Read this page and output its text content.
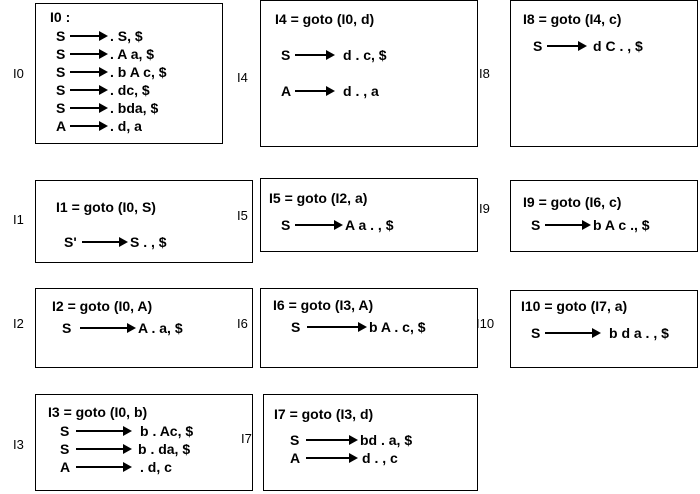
I0
I0 :
S	. S, $
S	. A a, $
S	. b A c, $
S	. dc, $
S	. bda, $
A	. d, a
I1
I1 = goto (I0, S)
S'	S . , $
I2
I2 = goto (I0, A)
S	A . a, $
I3
I3 = goto (I0, b)
S	b . Ac, $
S	b . da, $
A	. d, c
I4
I4 = goto (I0, d)
S	d . c, $
A	d . , a
I5
I5 = goto (I2, a)
S	A a . , $
I6
I6 = goto (I3, A)
S	b A . c, $
I7
I7 = goto (I3, d)
S	bd . a, $
A	d . , c
I8
I8 = goto (I4, c)
S	d C . , $
I9 I9 = goto (I6, c)
S	b A c ., $
I10
I10 = goto (I7, a)
S	b d a . , $
